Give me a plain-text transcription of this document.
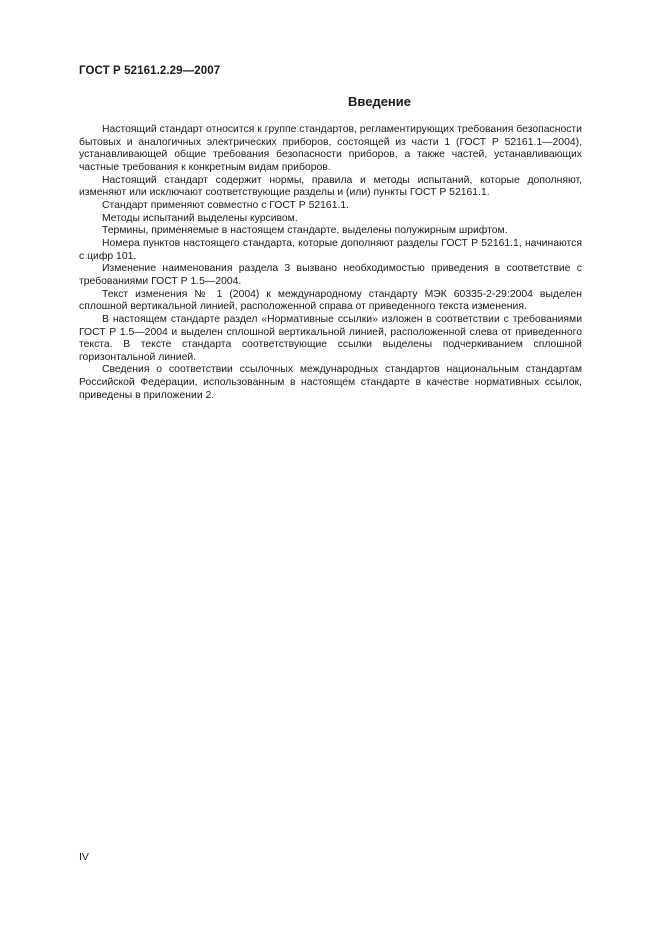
ГОСТ Р 52161.2.29—2007
Введение

Настоящий стандарт относится к группе стандартов, регламентирующих требования безопасности бытовых и аналогичных электрических приборов, состоящей из части 1 (ГОСТ Р 52161.1—2004), устанавливающей общие требования безопасности приборов, а также частей, устанавливающих частные требования к конкретным видам приборов.

Настоящий стандарт содержит нормы, правила и методы испытаний, которые дополняют, изменяют или исключают соответствующие разделы и (или) пункты ГОСТ Р 52161.1.

Стандарт применяют совместно с ГОСТ Р 52161.1.

Методы испытаний выделены курсивом.

Термины, применяемые в настоящем стандарте, выделены полужирным шрифтом.

Номера пунктов настоящего стандарта, которые дополняют разделы ГОСТ Р 52161.1, начинаются с цифр 101.

Изменение наименования раздела 3 вызвано необходимостью приведения в соответствие с требованиями ГОСТ Р 1.5—2004.

Текст изменения № 1 (2004) к международному стандарту МЭК 60335-2-29:2004 выделен сплошной вертикальной линией, расположенной справа от приведенного текста изменения.

В настоящем стандарте раздел «Нормативные ссылки» изложен в соответствии с требованиями ГОСТ Р 1.5—2004 и выделен сплошной вертикальной линией, расположенной слева от приведенного текста. В тексте стандарта соответствующие ссылки выделены подчеркиванием сплошной горизонтальной линией.

Сведения о соответствии ссылочных международных стандартов национальным стандартам Российской Федерации, использованным в настоящем стандарте в качестве нормативных ссылок, приведены в приложении 2.

IV
